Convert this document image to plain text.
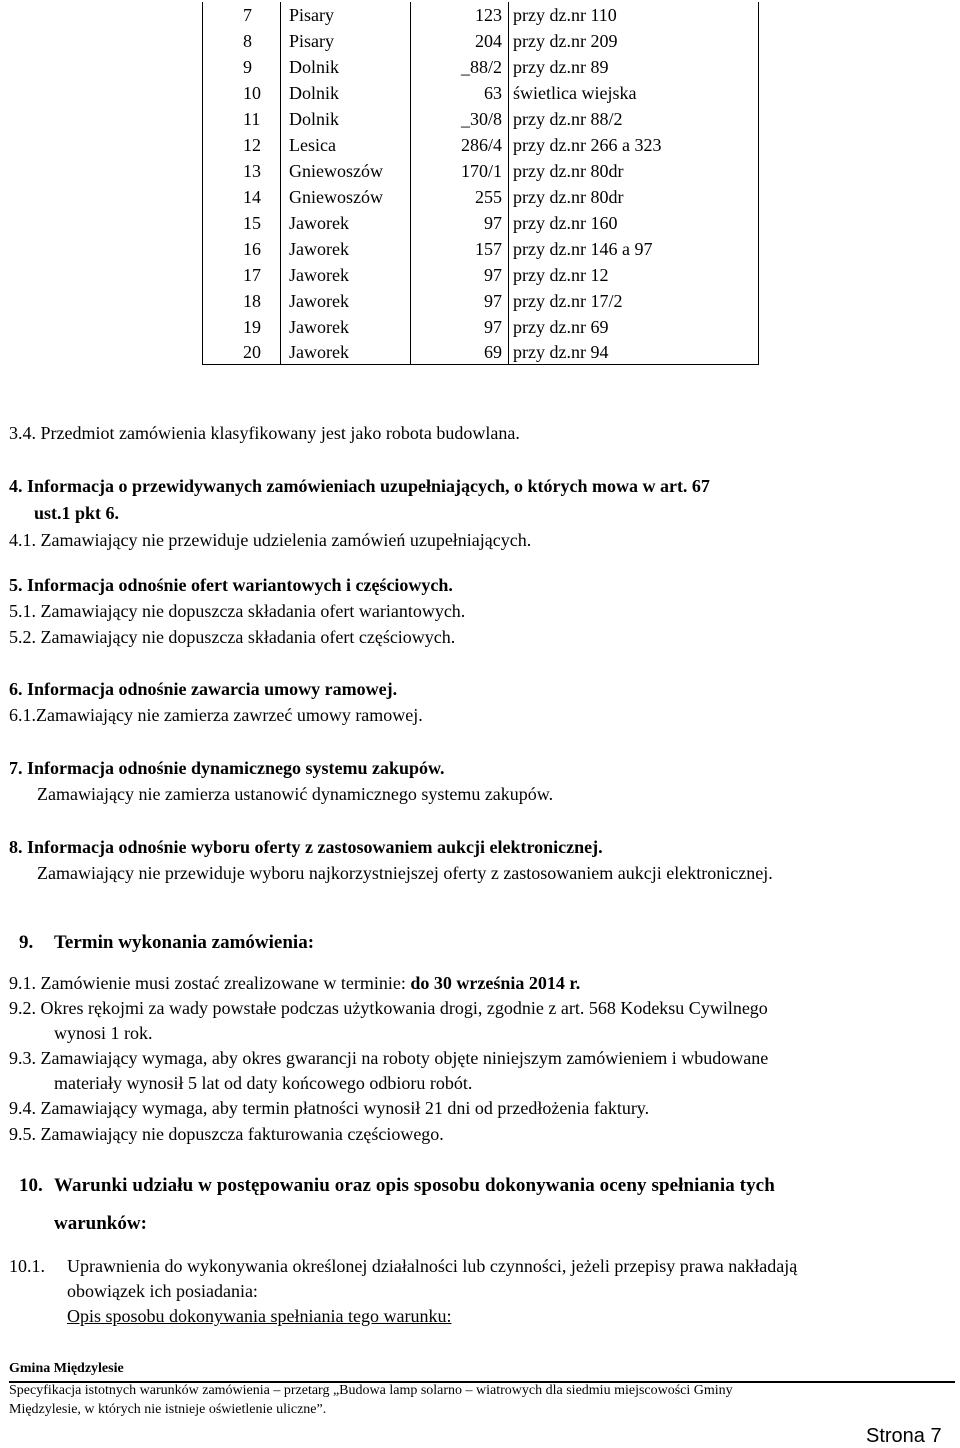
7	Pisary	123	przy dz.nr 110
8	Pisary	204	przy dz.nr 209
9	Dolnik	_88/2	przy dz.nr 89
10	Dolnik	63	świetlica wiejska
11	Dolnik	_30/8	przy dz.nr 88/2
12	Lesica	286/4	przy dz.nr 266 a 323
13	Gniewoszów	170/1	przy dz.nr 80dr
14	Gniewoszów	255	przy dz.nr 80dr
15	Jaworek	97	przy dz.nr 160
16	Jaworek	157	przy dz.nr 146 a 97
17	Jaworek	97	przy dz.nr 12
18	Jaworek	97	przy dz.nr 17/2
19	Jaworek	97	przy dz.nr 69
20	Jaworek	69	przy dz.nr 94
3.4. Przedmiot zamówienia klasyfikowany jest jako robota budowlana.
4. Informacja o przewidywanych zamówieniach uzupełniających, o których mowa w art. 67
ust.1 pkt 6.
4.1. Zamawiający nie przewiduje udzielenia zamówień uzupełniających.
5. Informacja odnośnie ofert wariantowych i częściowych.
5.1. Zamawiający nie dopuszcza składania ofert wariantowych.
5.2. Zamawiający nie dopuszcza składania ofert częściowych.
6. Informacja odnośnie zawarcia umowy ramowej.
6.1.Zamawiający nie zamierza zawrzeć umowy ramowej.
7. Informacja odnośnie dynamicznego systemu zakupów.
Zamawiający nie zamierza ustanowić dynamicznego systemu zakupów.
8. Informacja odnośnie wyboru oferty z zastosowaniem aukcji elektronicznej.
Zamawiający nie przewiduje wyboru najkorzystniejszej oferty z zastosowaniem aukcji elektronicznej.
9. Termin wykonania zamówienia:
9.1. Zamówienie musi zostać zrealizowane w terminie: do 30 września 2014 r.
9.2. Okres rękojmi za wady powstałe podczas użytkowania drogi, zgodnie z art. 568 Kodeksu Cywilnego
wynosi 1 rok.
9.3. Zamawiający wymaga, aby okres gwarancji na roboty objęte niniejszym zamówieniem i wbudowane
materiały wynosił 5 lat od daty końcowego odbioru robót.
9.4. Zamawiający wymaga, aby termin płatności wynosił 21 dni od przedłożenia faktury.
9.5. Zamawiający nie dopuszcza fakturowania częściowego.
10. Warunki udziału w postępowaniu oraz opis sposobu dokonywania oceny spełniania tych
warunków:
10.1. Uprawnienia do wykonywania określonej działalności lub czynności, jeżeli przepisy prawa nakładają
obowiązek ich posiadania:
Opis sposobu dokonywania spełniania tego warunku:
Gmina Międzylesie
Specyfikacja istotnych warunków zamówienia – przetarg „Budowa lamp solarno – wiatrowych dla siedmiu miejscowości Gminy
Międzylesie, w których nie istnieje oświetlenie uliczne”.
Strona 7
